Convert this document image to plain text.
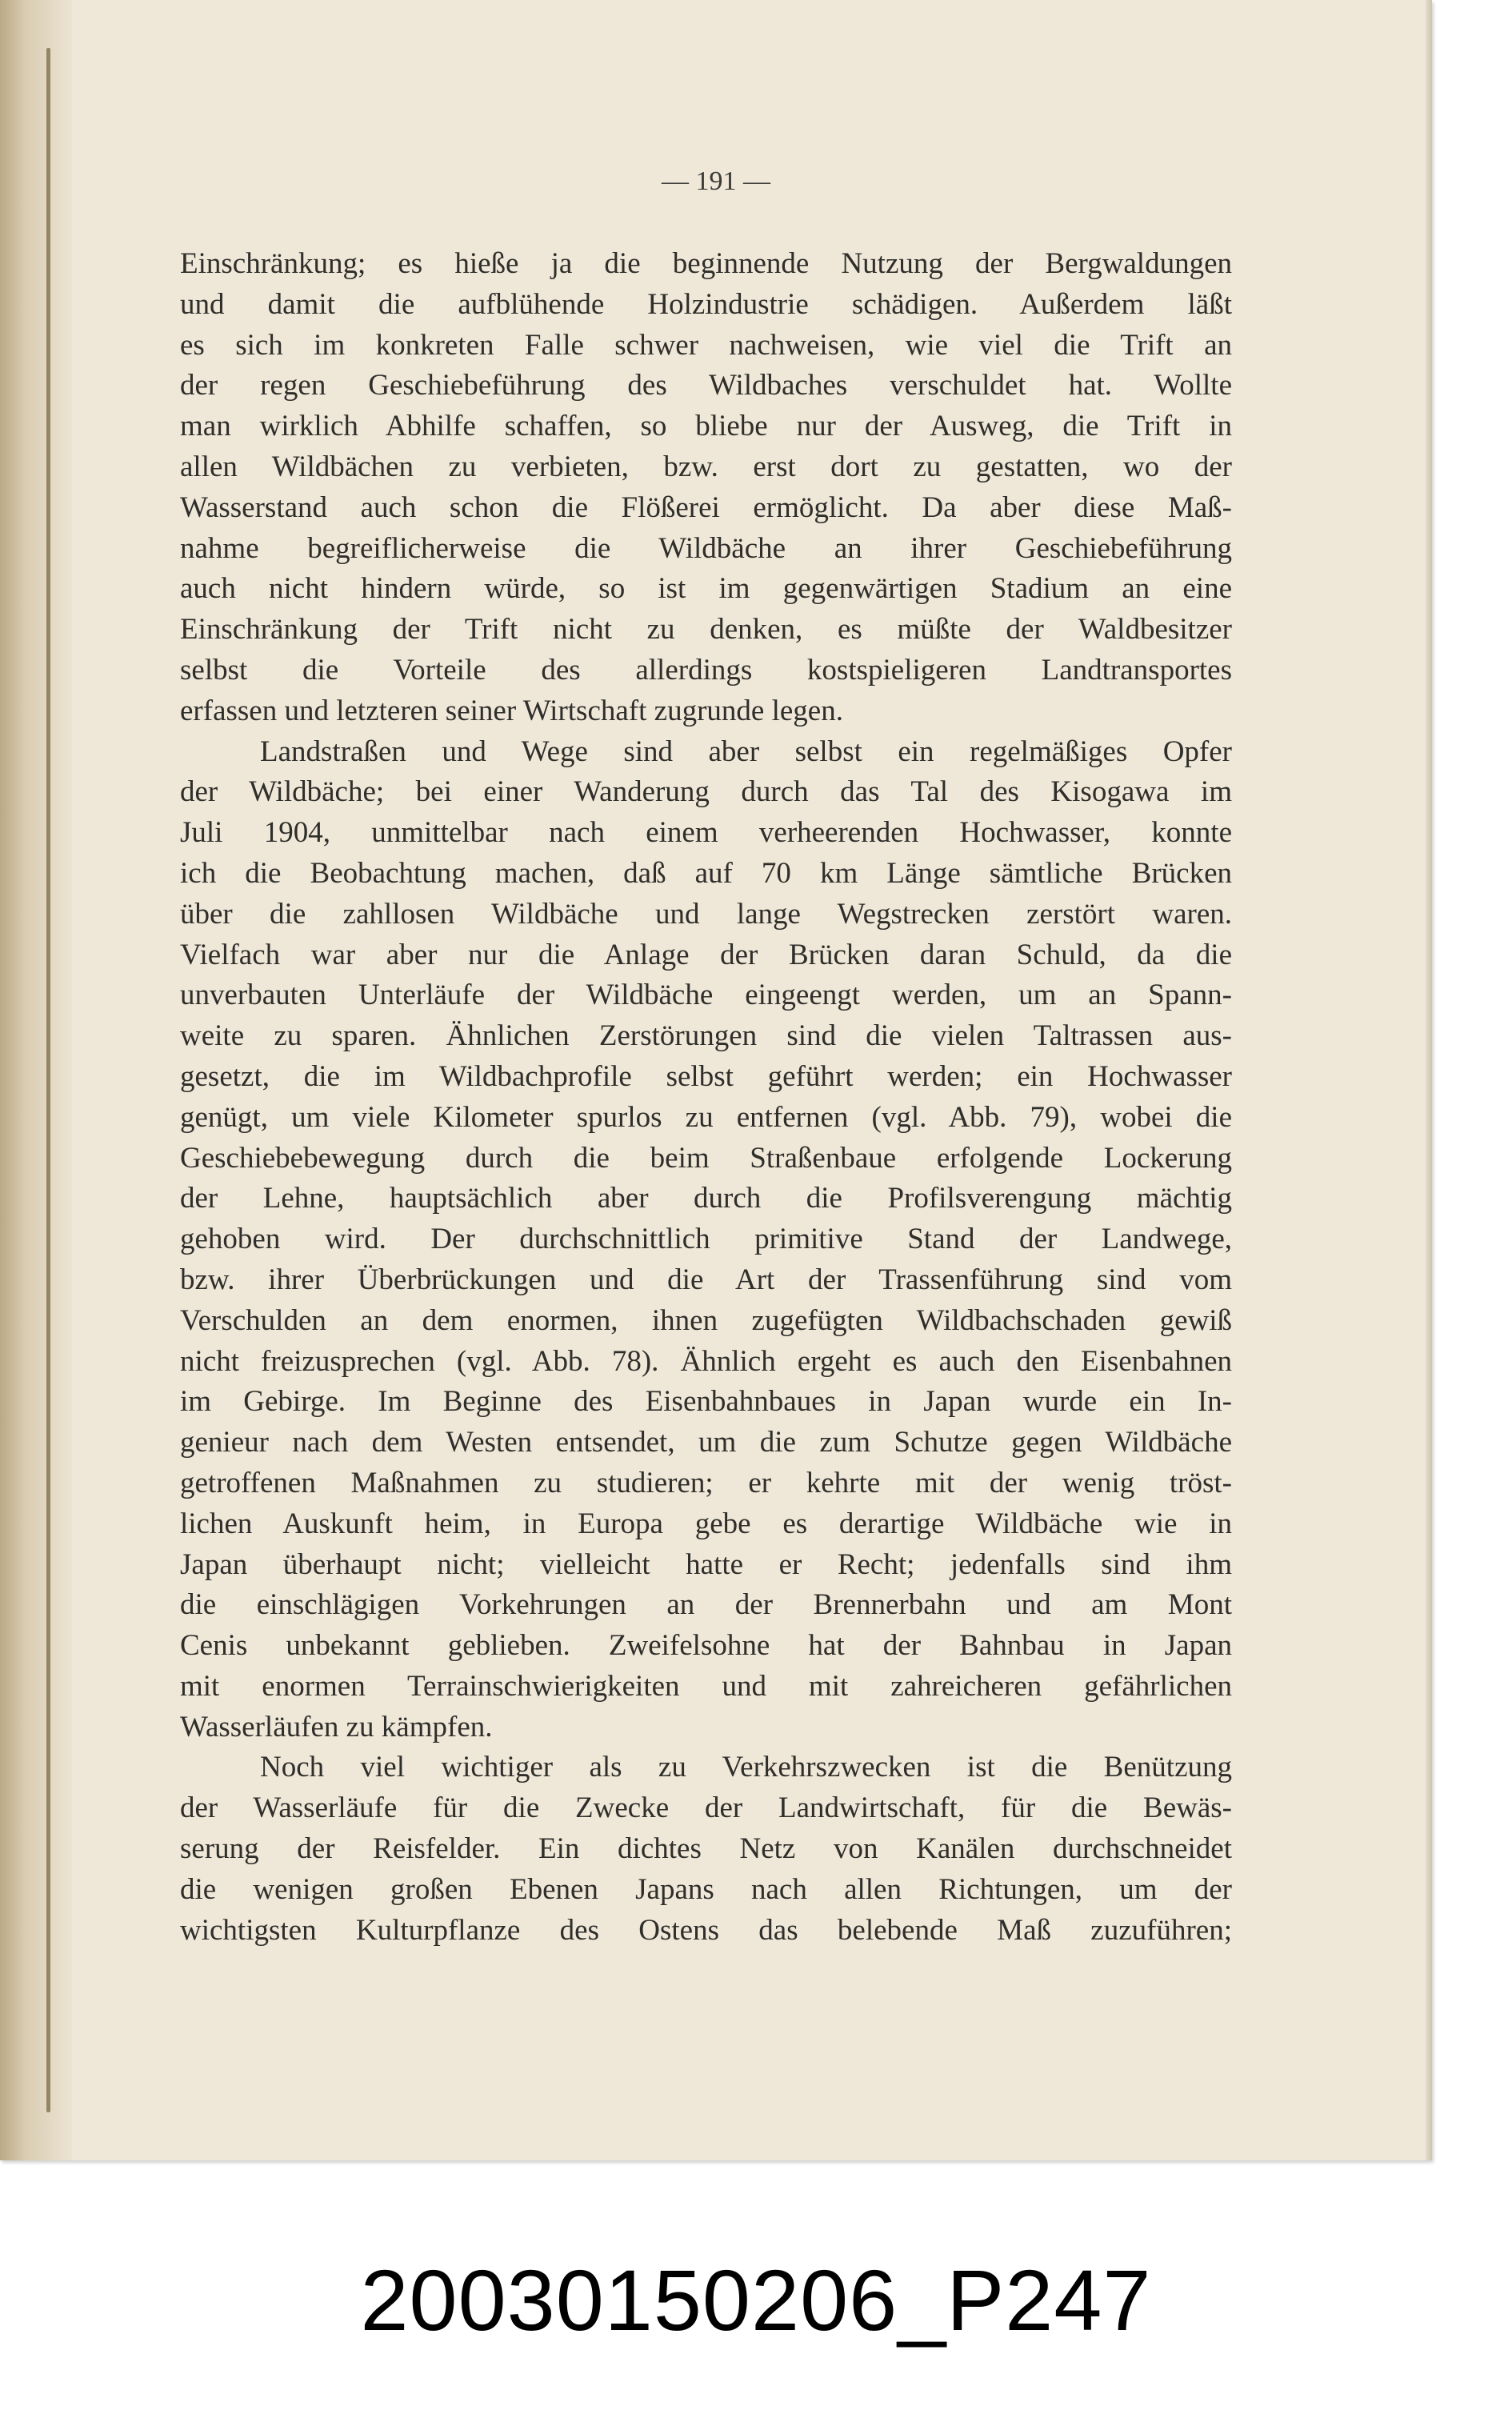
— 191 —

Einschränkung; es hieße ja die beginnende Nutzung der Bergwaldungen

und damit die aufblühende Holzindustrie schädigen. Außerdem läßt

es sich im konkreten Falle schwer nachweisen, wie viel die Trift an

der regen Geschiebeführung des Wildbaches verschuldet hat. Wollte

man wirklich Abhilfe schaffen, so bliebe nur der Ausweg, die Trift in

allen Wildbächen zu verbieten, bzw. erst dort zu gestatten, wo der

Wasserstand auch schon die Flößerei ermöglicht. Da aber diese Maß-

nahme begreiflicherweise die Wildbäche an ihrer Geschiebeführung

auch nicht hindern würde, so ist im gegenwärtigen Stadium an eine

Einschränkung der Trift nicht zu denken, es müßte der Waldbesitzer

selbst die Vorteile des allerdings kostspieligeren Landtransportes

erfassen und letzteren seiner Wirtschaft zugrunde legen.

Landstraßen und Wege sind aber selbst ein regelmäßiges Opfer

der Wildbäche; bei einer Wanderung durch das Tal des Kisogawa im

Juli 1904, unmittelbar nach einem verheerenden Hochwasser, konnte

ich die Beobachtung machen, daß auf 70 km Länge sämtliche Brücken

über die zahllosen Wildbäche und lange Wegstrecken zerstört waren.

Vielfach war aber nur die Anlage der Brücken daran Schuld, da die

unverbauten Unterläufe der Wildbäche eingeengt werden, um an Spann-

weite zu sparen. Ähnlichen Zerstörungen sind die vielen Taltrassen aus-

gesetzt, die im Wildbachprofile selbst geführt werden; ein Hochwasser

genügt, um viele Kilometer spurlos zu entfernen (vgl. Abb. 79), wobei die

Geschiebebewegung durch die beim Straßenbaue erfolgende Lockerung

der Lehne, hauptsächlich aber durch die Profilsverengung mächtig

gehoben wird. Der durchschnittlich primitive Stand der Landwege,

bzw. ihrer Überbrückungen und die Art der Trassenführung sind vom

Verschulden an dem enormen, ihnen zugefügten Wildbachschaden gewiß

nicht freizusprechen (vgl. Abb. 78). Ähnlich ergeht es auch den Eisenbahnen

im Gebirge. Im Beginne des Eisenbahnbaues in Japan wurde ein In-

genieur nach dem Westen entsendet, um die zum Schutze gegen Wildbäche

getroffenen Maßnahmen zu studieren; er kehrte mit der wenig tröst-

lichen Auskunft heim, in Europa gebe es derartige Wildbäche wie in

Japan überhaupt nicht; vielleicht hatte er Recht; jedenfalls sind ihm

die einschlägigen Vorkehrungen an der Brennerbahn und am Mont

Cenis unbekannt geblieben. Zweifelsohne hat der Bahnbau in Japan

mit enormen Terrainschwierigkeiten und mit zahreicheren gefährlichen

Wasserläufen zu kämpfen.

Noch viel wichtiger als zu Verkehrszwecken ist die Benützung

der Wasserläufe für die Zwecke der Landwirtschaft, für die Bewäs-

serung der Reisfelder. Ein dichtes Netz von Kanälen durchschneidet

die wenigen großen Ebenen Japans nach allen Richtungen, um der

wichtigsten Kulturpflanze des Ostens das belebende Maß zuzuführen;

20030150206_P247
